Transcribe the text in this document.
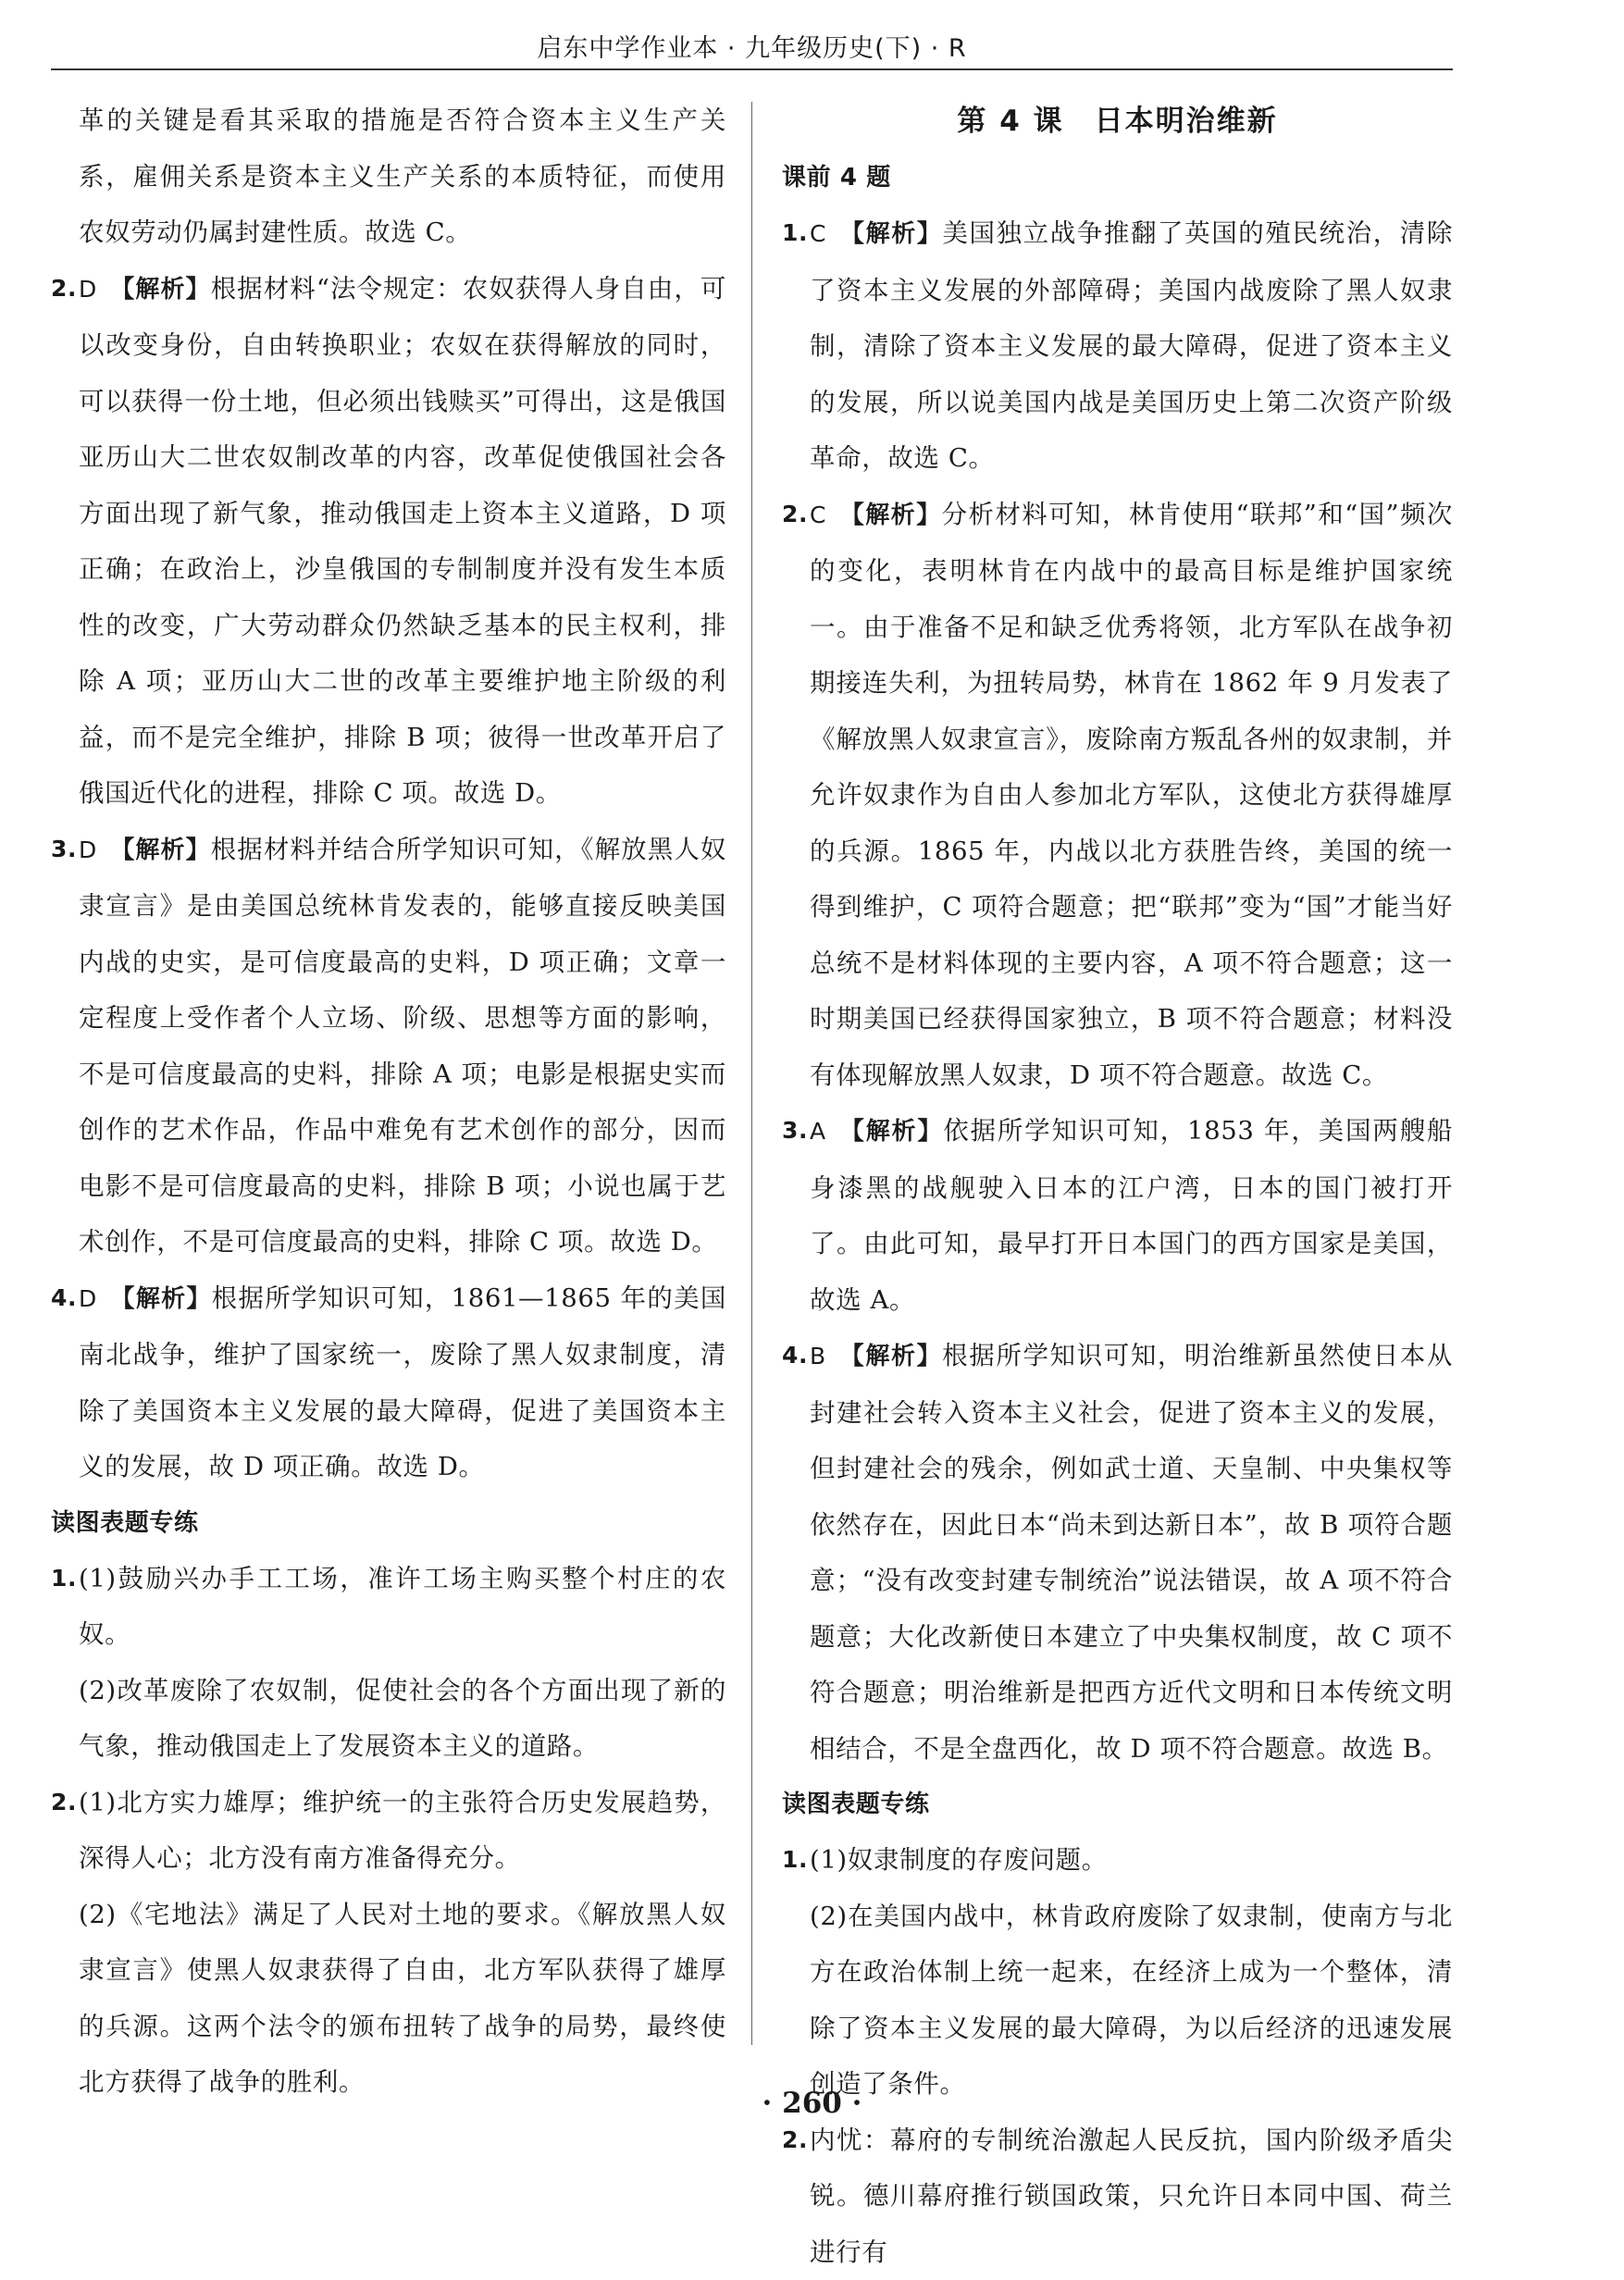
启东中学作业本 · 九年级历史(下) · R

革的关键是看其采取的措施是否符合资本主义生产关系，雇佣关系是资本主义生产关系的本质特征，而使用农奴劳动仍属封建性质。故选 C。

2. D 【解析】根据材料“法令规定：农奴获得人身自由，可以改变身份，自由转换职业；农奴在获得解放的同时，可以获得一份土地，但必须出钱赎买”可得出，这是俄国亚历山大二世农奴制改革的内容，改革促使俄国社会各方面出现了新气象，推动俄国走上资本主义道路，D 项正确；在政治上，沙皇俄国的专制制度并没有发生本质性的改变，广大劳动群众仍然缺乏基本的民主权利，排除 A 项；亚历山大二世的改革主要维护地主阶级的利益，而不是完全维护，排除 B 项；彼得一世改革开启了俄国近代化的进程，排除 C 项。故选 D。
3. D 【解析】根据材料并结合所学知识可知，《解放黑人奴隶宣言》是由美国总统林肯发表的，能够直接反映美国内战的史实，是可信度最高的史料，D 项正确；文章一定程度上受作者个人立场、阶级、思想等方面的影响，不是可信度最高的史料，排除 A 项；电影是根据史实而创作的艺术作品，作品中难免有艺术创作的部分，因而电影不是可信度最高的史料，排除 B 项；小说也属于艺术创作，不是可信度最高的史料，排除 C 项。故选 D。
4. D 【解析】根据所学知识可知，1861—1865 年的美国南北战争，维护了国家统一，废除了黑人奴隶制度，清除了美国资本主义发展的最大障碍，促进了美国资本主义的发展，故 D 项正确。故选 D。

读图表题专练

1. (1)鼓励兴办手工工场，准许工场主购买整个村庄的农奴。
(2)改革废除了农奴制，促使社会的各个方面出现了新的气象，推动俄国走上了发展资本主义的道路。
2. (1)北方实力雄厚；维护统一的主张符合历史发展趋势，深得人心；北方没有南方准备得充分。
(2)《宅地法》满足了人民对土地的要求。《解放黑人奴隶宣言》使黑人奴隶获得了自由，北方军队获得了雄厚的兵源。这两个法令的颁布扭转了战争的局势，最终使北方获得了战争的胜利。

第 4 课　日本明治维新

课前 4 题

1. C 【解析】美国独立战争推翻了英国的殖民统治，清除了资本主义发展的外部障碍；美国内战废除了黑人奴隶制，清除了资本主义发展的最大障碍，促进了资本主义的发展，所以说美国内战是美国历史上第二次资产阶级革命，故选 C。
2. C 【解析】分析材料可知，林肯使用“联邦”和“国”频次的变化，表明林肯在内战中的最高目标是维护国家统一。由于准备不足和缺乏优秀将领，北方军队在战争初期接连失利，为扭转局势，林肯在 1862 年 9 月发表了《解放黑人奴隶宣言》，废除南方叛乱各州的奴隶制，并允许奴隶作为自由人参加北方军队，这使北方获得雄厚的兵源。1865 年，内战以北方获胜告终，美国的统一得到维护，C 项符合题意；把“联邦”变为“国”才能当好总统不是材料体现的主要内容，A 项不符合题意；这一时期美国已经获得国家独立，B 项不符合题意；材料没有体现解放黑人奴隶，D 项不符合题意。故选 C。
3. A 【解析】依据所学知识可知，1853 年，美国两艘船身漆黑的战舰驶入日本的江户湾，日本的国门被打开了。由此可知，最早打开日本国门的西方国家是美国，故选 A。
4. B 【解析】根据所学知识可知，明治维新虽然使日本从封建社会转入资本主义社会，促进了资本主义的发展，但封建社会的残余，例如武士道、天皇制、中央集权等依然存在，因此日本“尚未到达新日本”，故 B 项符合题意；“没有改变封建专制统治”说法错误，故 A 项不符合题意；大化改新使日本建立了中央集权制度，故 C 项不符合题意；明治维新是把西方近代文明和日本传统文明相结合，不是全盘西化，故 D 项不符合题意。故选 B。

读图表题专练

1. (1)奴隶制度的存废问题。
(2)在美国内战中，林肯政府废除了奴隶制，使南方与北方在政治体制上统一起来，在经济上成为一个整体，清除了资本主义发展的最大障碍，为以后经济的迅速发展创造了条件。
2. 内忧：幕府的专制统治激起人民反抗，国内阶级矛盾尖锐。德川幕府推行锁国政策，只允许日本同中国、荷兰进行有
· 260 ·
